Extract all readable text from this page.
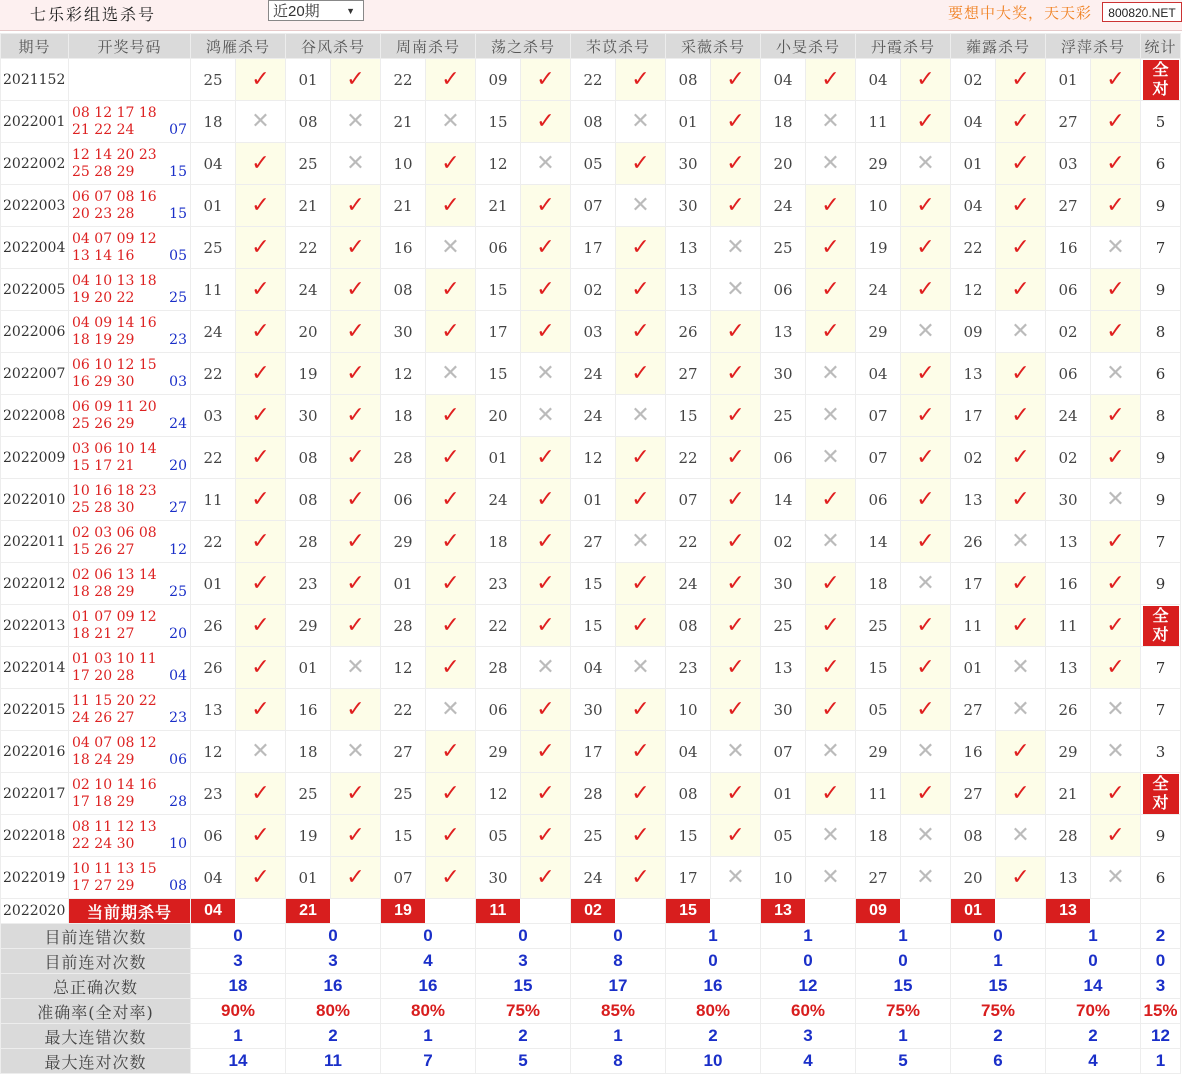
七乐彩组选杀号	近20期	▼	要想中大奖，天天彩	800820.NET
期号	开奖号码	鸿雁杀号		谷风杀号		周南杀号		荡之杀号		芣苡杀号		采薇杀号		小旻杀号		丹霞杀号		蕹露杀号		浮萍杀号		统计
2021152		25	✓	01	✓	22	✓	09	✓	22	✓	08	✓	04	✓	04	✓	02	✓	01	✓	全
对
2022001	08 12 17 18
21 22 24 07	18	✕	08	✕	21	✕	15	✓	08	✕	01	✓	18	✕	11	✓	04	✓	27	✓	5
2022002	12 14 20 23
25 28 29 15	04	✓	25	✕	10	✓	12	✕	05	✓	30	✓	20	✕	29	✕	01	✓	03	✓	6
2022003	06 07 08 16
20 23 28 15	01	✓	21	✓	21	✓	21	✓	07	✕	30	✓	24	✓	10	✓	04	✓	27	✓	9
2022004	04 07 09 12
13 14 16 05	25	✓	22	✓	16	✕	06	✓	17	✓	13	✕	25	✓	19	✓	22	✓	16	✕	7
2022005	04 10 13 18
19 20 22 25	11	✓	24	✓	08	✓	15	✓	02	✓	13	✕	06	✓	24	✓	12	✓	06	✓	9
2022006	04 09 14 16
18 19 29 23	24	✓	20	✓	30	✓	17	✓	03	✓	26	✓	13	✓	29	✕	09	✕	02	✓	8
2022007	06 10 12 15
16 29 30 03	22	✓	19	✓	12	✕	15	✕	24	✓	27	✓	30	✕	04	✓	13	✓	06	✕	6
2022008	06 09 11 20
25 26 29 24	03	✓	30	✓	18	✓	20	✕	24	✕	15	✓	25	✕	07	✓	17	✓	24	✓	8
2022009	03 06 10 14
15 17 21 20	22	✓	08	✓	28	✓	01	✓	12	✓	22	✓	06	✕	07	✓	02	✓	02	✓	9
2022010	10 16 18 23
25 28 30 27	11	✓	08	✓	06	✓	24	✓	01	✓	07	✓	14	✓	06	✓	13	✓	30	✕	9
2022011	02 03 06 08
15 26 27 12	22	✓	28	✓	29	✓	18	✓	27	✕	22	✓	02	✕	14	✓	26	✕	13	✓	7
2022012	02 06 13 14
18 28 29 25	01	✓	23	✓	01	✓	23	✓	15	✓	24	✓	30	✓	18	✕	17	✓	16	✓	9
2022013	01 07 09 12
18 21 27 20	26	✓	29	✓	28	✓	22	✓	15	✓	08	✓	25	✓	25	✓	11	✓	11	✓	全
对
2022014	01 03 10 11
17 20 28 04	26	✓	01	✕	12	✓	28	✕	04	✕	23	✓	13	✓	15	✓	01	✕	13	✓	7
2022015	11 15 20 22
24 26 27 23	13	✓	16	✓	22	✕	06	✓	30	✓	10	✓	30	✓	05	✓	27	✕	26	✕	7
2022016	04 07 08 12
18 24 29 06	12	✕	18	✕	27	✓	29	✓	17	✓	04	✕	07	✕	29	✕	16	✓	29	✕	3
2022017	02 10 14 16
17 18 29 28	23	✓	25	✓	25	✓	12	✓	28	✓	08	✓	01	✓	11	✓	27	✓	21	✓	全
对
2022018	08 11 12 13
22 24 30 10	06	✓	19	✓	15	✓	05	✓	25	✓	15	✓	05	✕	18	✕	08	✕	28	✓	9
2022019	10 11 13 15
17 27 29 08	04	✓	01	✓	07	✓	30	✓	24	✓	17	✕	10	✕	27	✕	20	✓	13	✕	6
2022020	当前期杀号	04		21		19		11		02		15		13		09		01		13		
目前连错次数		0		0		0		0		0		1		1		1		0		1		2
目前连对次数		3		3		4		3		8		0		0		0		1		0		0
总正确次数		18		16		16		15		17		16		12		15		15		14		3
准确率(全对率)		90%		80%		80%		75%		85%		80%		60%		75%		75%		70%		15%
最大连错次数		1		2		1		2		1		2		3		1		2		2		12
最大连对次数		14		11		7		5		8		10		4		5		6		4		1
